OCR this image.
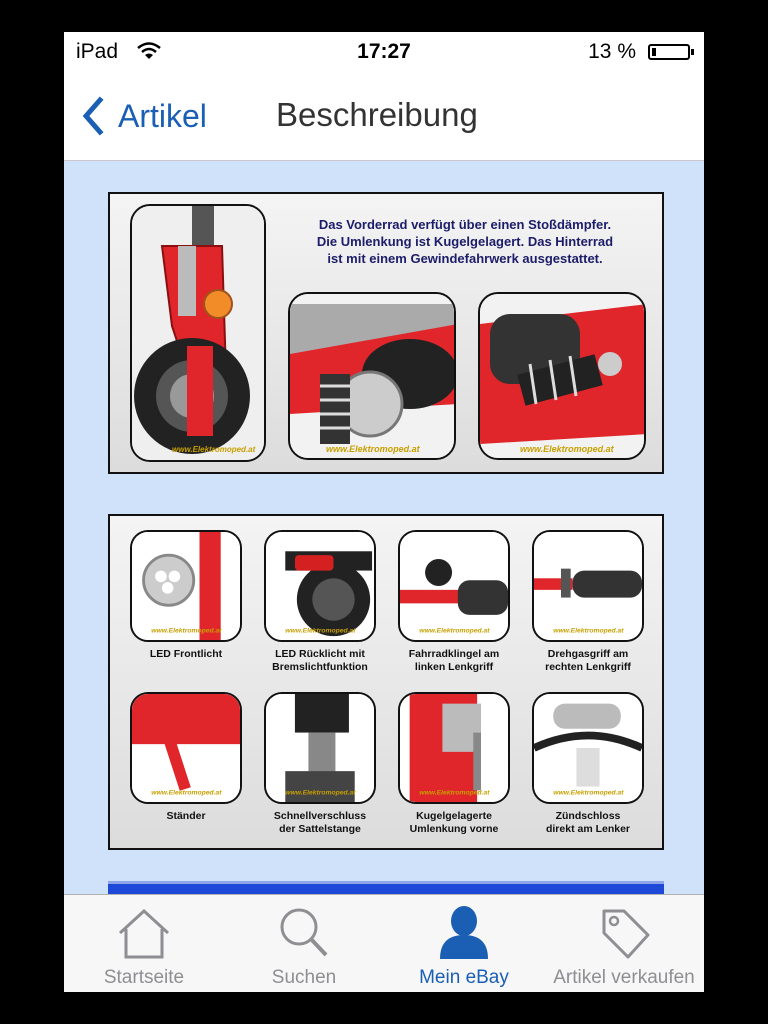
iPad	17:27	13 %
Artikel Beschreibung
www.Elektromoped.at
Das Vorderrad verfügt über einen Stoßdämpfer.
Die Umlenkung ist Kugelgelagert. Das Hinterrad
ist mit einem Gewindefahrwerk ausgestattet.
www.Elektromoped.at	www.Elektromoped.at
www.Elektromoped.at
LED Frontlicht
www.Elektromoped.at
LED Rücklicht mit
Bremslichtfunktion
www.Elektromoped.at
Fahrradklingel am
linken Lenkgriff
www.Elektromoped.at
Drehgasgriff am
rechten Lenkgriff
www.Elektromoped.at
Ständer
www.Elektromoped.at
Schnellverschluss
der Sattelstange
www.Elektromoped.at
Kugelgelagerte
Umlenkung vorne
www.Elektromoped.at
Zündschloss
direkt am Lenker
Startseite	Suchen	Mein eBay	Artikel verkaufen
